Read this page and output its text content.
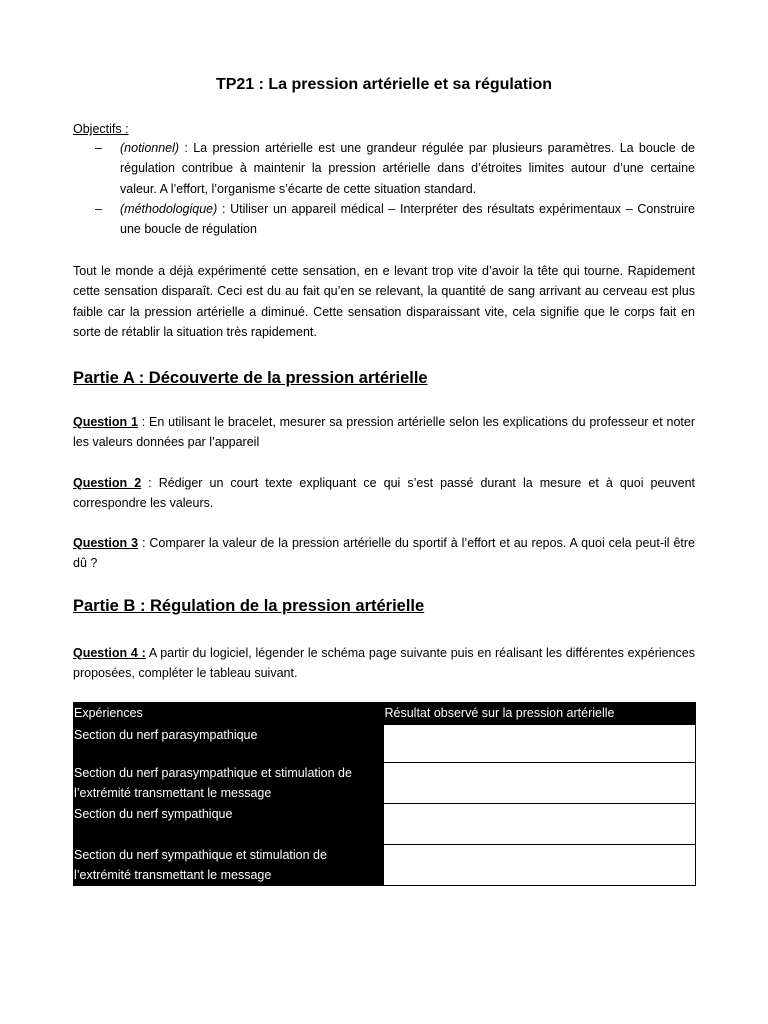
TP21 : La pression artérielle et sa régulation

Objectifs :

– (notionnel) : La pression artérielle est une grandeur régulée par plusieurs paramètres. La boucle de régulation contribue à maintenir la pression artérielle dans d’étroites limites autour d’une certaine valeur. A l’effort, l’organisme s’écarte de cette situation standard.
– (méthodologique) : Utiliser un appareil médical – Interpréter des résultats expérimentaux – Construire une boucle de régulation

Tout le monde a déjà expérimenté cette sensation, en e levant trop vite d’avoir la tête qui tourne. Rapidement cette sensation disparaît. Ceci est du au fait qu’en se relevant, la quantité de sang arrivant au cerveau est plus faible car la pression artérielle a diminué. Cette sensation disparaissant vite, cela signifie que le corps fait en sorte de rétablir la situation très rapidement.

Partie A : Découverte de la pression artérielle

Question 1 : En utilisant le bracelet, mesurer sa pression artérielle selon les explications du professeur et noter les valeurs données par l’appareil

Question 2 : Rédiger un court texte expliquant ce qui s’est passé durant la mesure et à quoi peuvent correspondre les valeurs.

Question 3 : Comparer la valeur de la pression artérielle du sportif à l’effort et au repos. A quoi cela peut-il être dû ?

Partie B : Régulation de la pression artérielle

Question 4 : A partir du logiciel, légender le schéma page suivante puis en réalisant les différentes expériences proposées, compléter le tableau suivant.

Expériences	Résultat observé sur la pression artérielle
Section du nerf parasympathique	
Section du nerf parasympathique et stimulation de l’extrémité transmettant le message	
Section du nerf sympathique	
Section du nerf sympathique et stimulation de l’extrémité transmettant le message	
